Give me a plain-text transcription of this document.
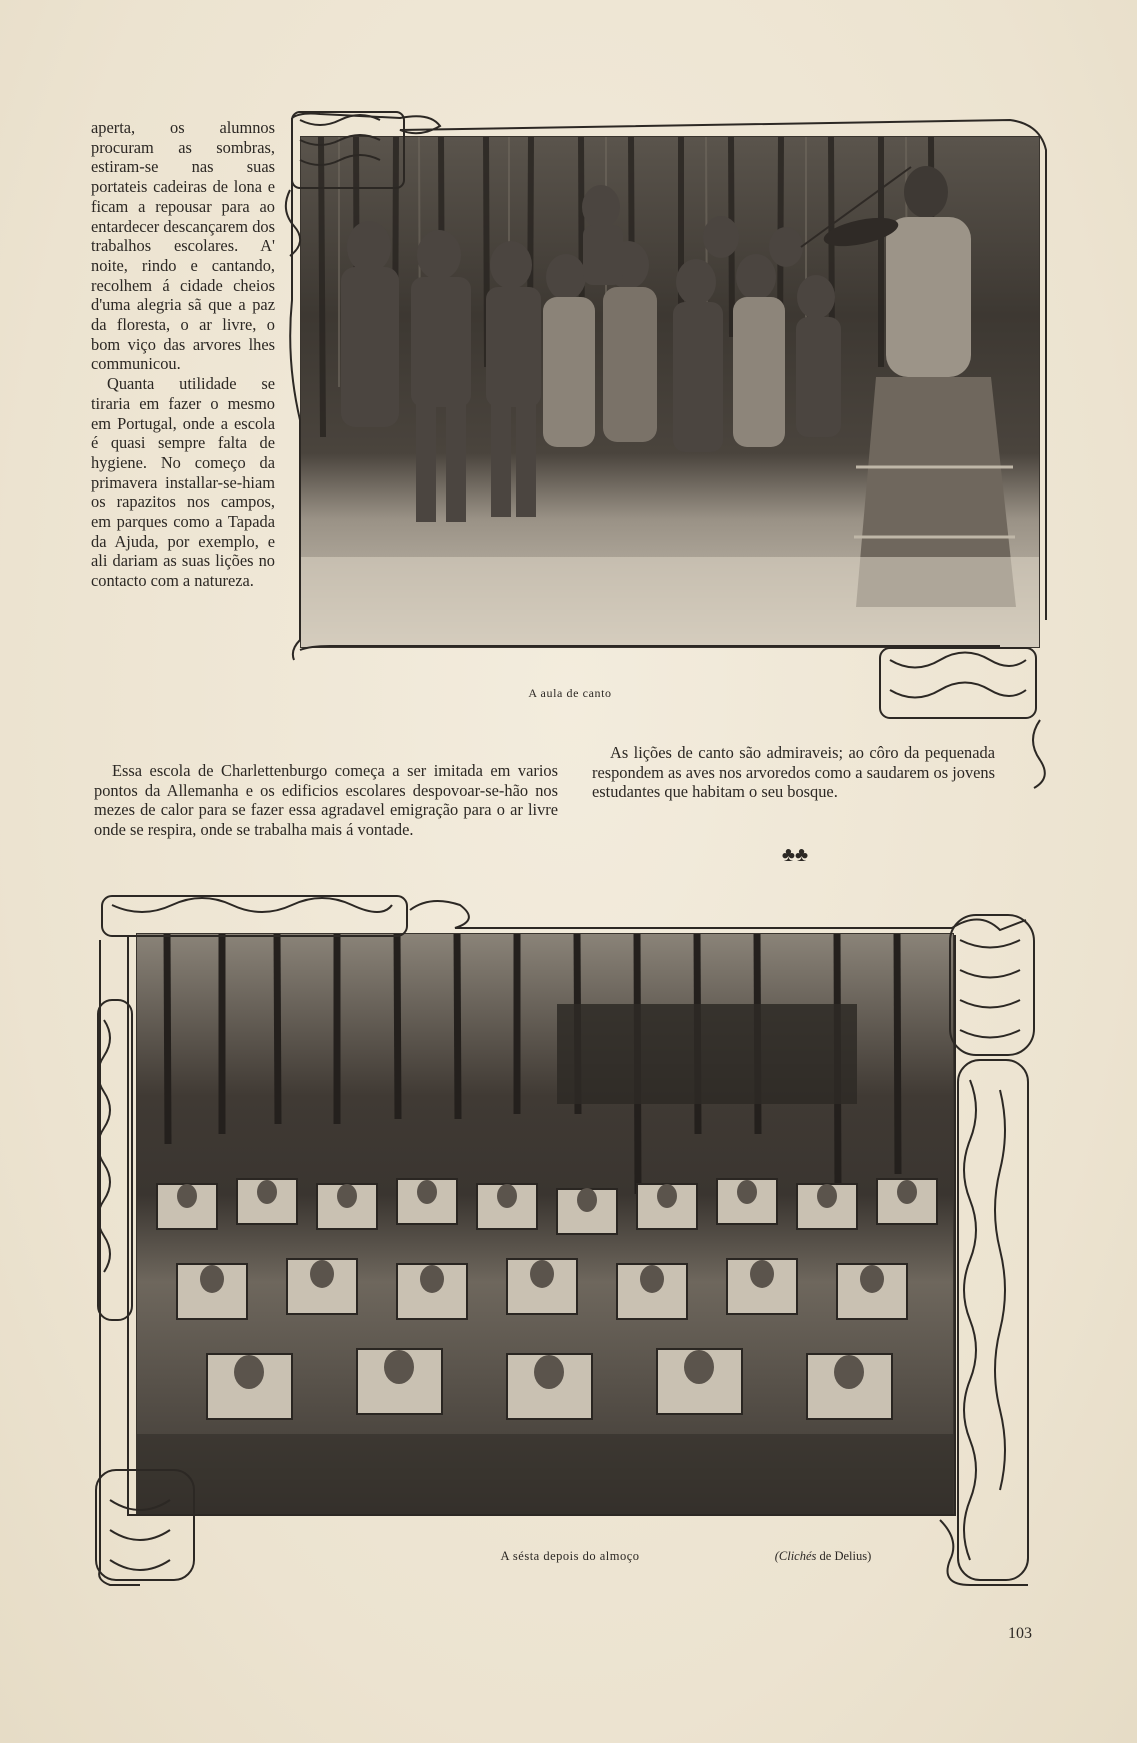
aperta, os alumnos procuram as sombras, estiram-se nas suas portateis cadeiras de lona e ficam a repousar para ao entardecer descançarem dos trabalhos escolares. A' noite, rindo e cantando, recolhem á cidade cheios d'uma alegria sã que a paz da floresta, o ar livre, o bom viço das arvores lhes communicou.

Quanta utilidade se tiraria em fazer o mesmo em Portugal, onde a escola é quasi sempre falta de hygiene. No começo da primavera installar-se-hiam os rapazitos nos campos, em parques como a Tapada da Ajuda, por exemplo, e ali dariam as suas lições no contacto com a natureza.

A aula de canto
As lições de canto são admiraveis; ao côro da pequenada respondem as aves nos arvoredos como a saudarem os jovens estudantes que habitam o seu bosque.
Essa escola de Charlettenburgo começa a ser imitada em varios pontos da Allemanha e os edificios escolares despovoar-se-hão nos mezes de calor para se fazer essa agradavel emigração para o ar livre onde se respira, onde se trabalha mais á vontade.
♣♣
A sésta depois do almoço	(Clichés de Delius)
103
